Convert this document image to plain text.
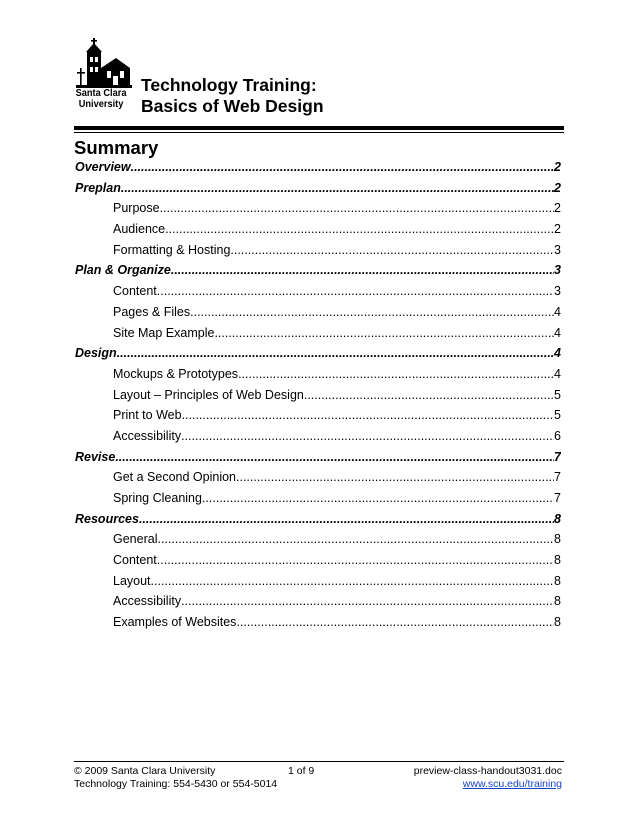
Santa Clara
University
Technology Training:
Basics of Web Design
Summary
Overview .....	2
Preplan .....	2
Purpose .....	2
Audience .....	2
Formatting & Hosting .....	3
Plan & Organize .....	3
Content .....	3
Pages & Files .....	4
Site Map Example .....	4
Design .....	4
Mockups & Prototypes .....	4
Layout – Principles of Web Design .....	5
Print to Web .....	5
Accessibility .....	6
Revise .....	7
Get a Second Opinion .....	7
Spring Cleaning .....	7
Resources .....	8
General .....	8
Content .....	8
Layout .....	8
Accessibility .....	8
Examples of Websites .....	8
© 2009 Santa Clara University
Technology Training: 554-5430 or 554-5014
1 of 9	preview-class-handout3031.doc
www.scu.edu/training
